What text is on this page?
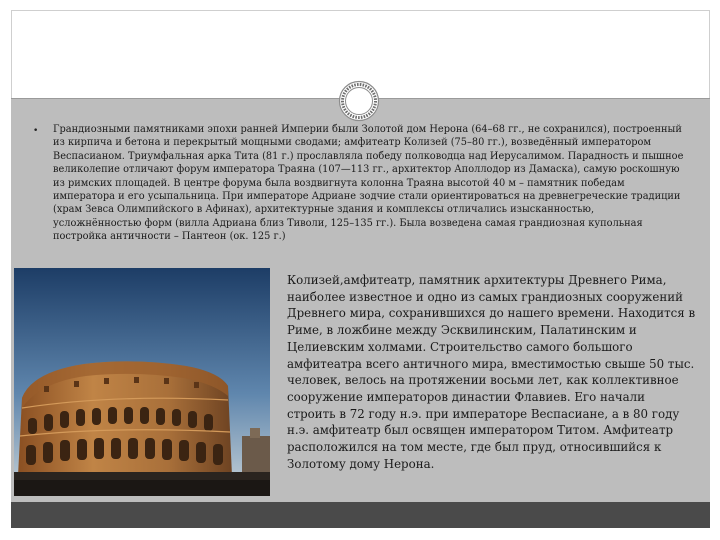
• Грандиозными памятниками эпохи ранней Империи были Золотой дом Нерона (64–68 гг., не сохранился), построенный из кирпича и бетона и перекрытый мощными сводами; амфитеатр Колизей (75–80 гг.), возведённый императором Веспасианом. Триумфальная арка Тита (81 г.) прославляла победу полководца над Иерусалимом. Парадность и пышное великолепие отличают форум императора Траяна (107—113 гг., архитектор Аполлодор из Дамаска), самую роскошную из римских площадей. В центре форума была воздвигнута колонна Траяна высотой 40 м – памятник победам императора и его усыпальница. При императоре Адриане зодчие стали ориентироваться на древнегреческие традиции (храм Зевса Олимпийского в Афинах), архитектурные здания и комплексы отличались изысканностью, усложнённостью форм (вилла Адриана близ Тиволи, 125–135 гг.). Была возведена самая грандиозная купольная постройка античности – Пантеон (ок. 125 г.)

Колизей,амфитеатр, памятник архитектуры Древнего Рима, наиболее известное и одно из самых грандиозных сооружений Древнего мира, сохранившихся до нашего времени. Находится в Риме, в ложбине между Эсквилинским, Палатинским и Целиевским холмами. Строительство самого большого амфитеатра всего античного мира, вместимостью свыше 50 тыс. человек, велось на протяжении восьми лет, как коллективное сооружение императоров династии Флавиев. Его начали строить в 72 году н.э. при императоре Веспасиане, а в 80 году н.э. амфитеатр был освящен императором Титом. Амфитеатр расположился на том месте, где был пруд, относившийся к Золотому дому Нерона.
